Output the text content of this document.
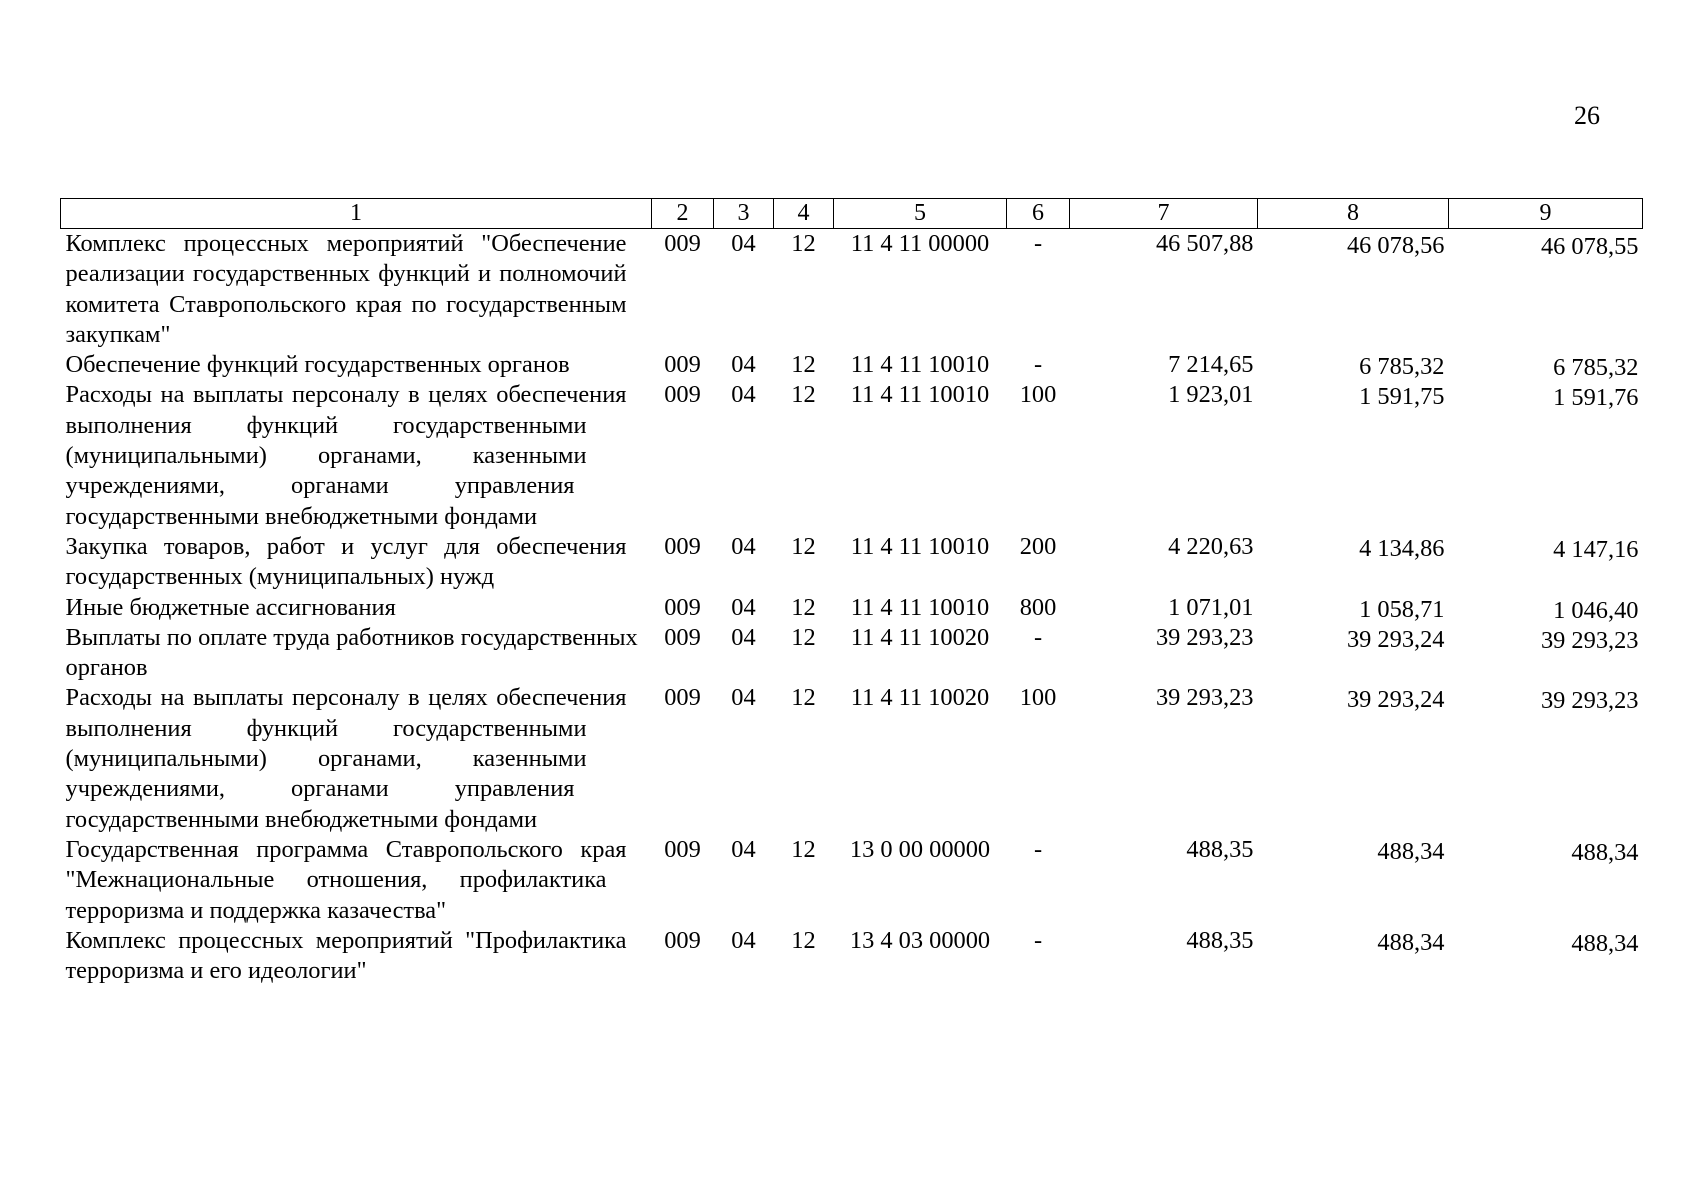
26
1	2	3	4	5	6	7	8	9

Комплекс процессных мероприятий "Обеспечение
реализации государственных функций и полномочий
комитета Ставропольского края по государственным
закупкам"	009	04	12	11 4 11 00000	-	46 507,88	46 078,56	46 078,55

Обеспечение функций государственных органов	009	04	12	11 4 11 10010	-	7 214,65	6 785,32	6 785,32

Расходы на выплаты персоналу в целях обеспечения
выполнения функций государственными
(муниципальными) органами, казенными
учреждениями, органами управления
государственными внебюджетными фондами	009	04	12	11 4 11 10010	100	1 923,01	1 591,75	1 591,76

Закупка товаров, работ и услуг для обеспечения
государственных (муниципальных) нужд	009	04	12	11 4 11 10010	200	4 220,63	4 134,86	4 147,16

Иные бюджетные ассигнования	009	04	12	11 4 11 10010	800	1 071,01	1 058,71	1 046,40

Выплаты по оплате труда работников государственных
органов	009	04	12	11 4 11 10020	-	39 293,23	39 293,24	39 293,23

Расходы на выплаты персоналу в целях обеспечения
выполнения функций государственными
(муниципальными) органами, казенными
учреждениями, органами управления
государственными внебюджетными фондами	009	04	12	11 4 11 10020	100	39 293,23	39 293,24	39 293,23

Государственная программа Ставропольского края
"Межнациональные отношения, профилактика
терроризма и поддержка казачества"	009	04	12	13 0 00 00000	-	488,35	488,34	488,34

Комплекс процессных мероприятий "Профилактика
терроризма и его идеологии"	009	04	12	13 4 03 00000	-	488,35	488,34	488,34
